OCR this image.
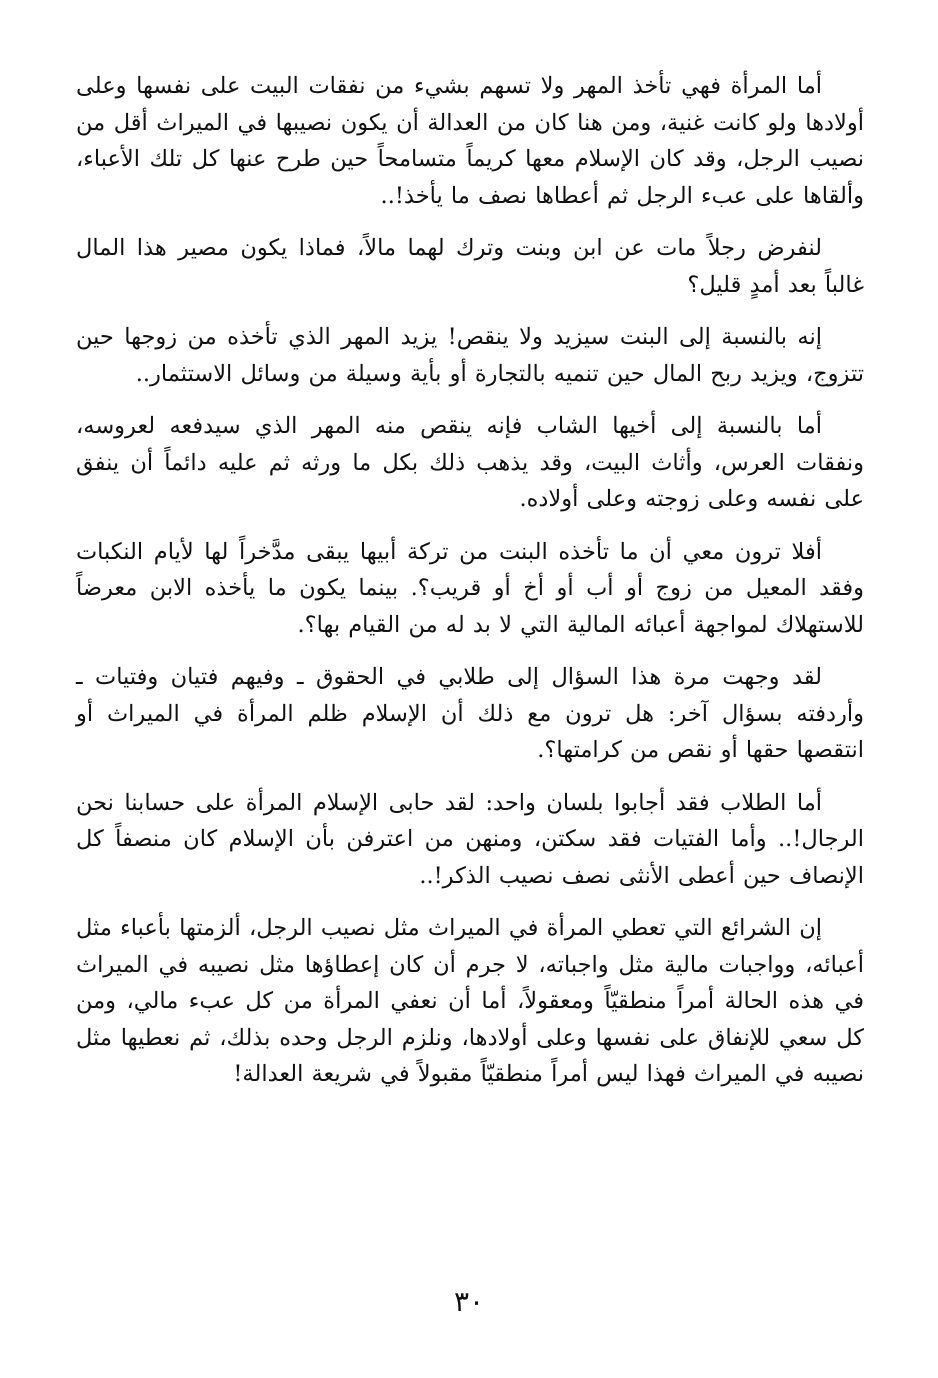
أما المرأة فهي تأخذ المهر ولا تسهم بشيء من نفقات البيت على نفسها وعلى أولادها ولو كانت غنية، ومن هنا كان من العدالة أن يكون نصيبها في الميراث أقل من نصيب الرجل، وقد كان الإسلام معها كريماً متسامحاً حين طرح عنها كل تلك الأعباء، وألقاها على عبء الرجل ثم أعطاها نصف ما يأخذ!..

لنفرض رجلاً مات عن ابن وبنت وترك لهما مالاً، فماذا يكون مصير هذا المال غالباً بعد أمدٍ قليل؟

إنه بالنسبة إلى البنت سيزيد ولا ينقص! يزيد المهر الذي تأخذه من زوجها حين تتزوج، ويزيد ربح المال حين تنميه بالتجارة أو بأية وسيلة من وسائل الاستثمار..

أما بالنسبة إلى أخيها الشاب فإنه ينقص منه المهر الذي سيدفعه لعروسه، ونفقات العرس، وأثاث البيت، وقد يذهب ذلك بكل ما ورثه ثم عليه دائماً أن ينفق على نفسه وعلى زوجته وعلى أولاده.

أفلا ترون معي أن ما تأخذه البنت من تركة أبيها يبقى مدَّخراً لها لأيام النكبات وفقد المعيل من زوج أو أب أو أخ أو قريب؟. بينما يكون ما يأخذه الابن معرضاً للاستهلاك لمواجهة أعبائه المالية التي لا بد له من القيام بها؟.

لقد وجهت مرة هذا السؤال إلى طلابي في الحقوق ـ وفيهم فتيان وفتيات ـ وأردفته بسؤال آخر: هل ترون مع ذلك أن الإسلام ظلم المرأة في الميراث أو انتقصها حقها أو نقص من كرامتها؟.

أما الطلاب فقد أجابوا بلسان واحد: لقد حابى الإسلام المرأة على حسابنا نحن الرجال!.. وأما الفتيات فقد سكتن، ومنهن من اعترفن بأن الإسلام كان منصفاً كل الإنصاف حين أعطى الأنثى نصف نصيب الذكر!..

إن الشرائع التي تعطي المرأة في الميراث مثل نصيب الرجل، ألزمتها بأعباء مثل أعبائه، وواجبات مالية مثل واجباته، لا جرم أن كان إعطاؤها مثل نصيبه في الميراث في هذه الحالة أمراً منطقيّاً ومعقولاً، أما أن نعفي المرأة من كل عبء مالي، ومن كل سعي للإنفاق على نفسها وعلى أولادها، ونلزم الرجل وحده بذلك، ثم نعطيها مثل نصيبه في الميراث فهذا ليس أمراً منطقيّاً مقبولاً في شريعة العدالة!

٣٠
